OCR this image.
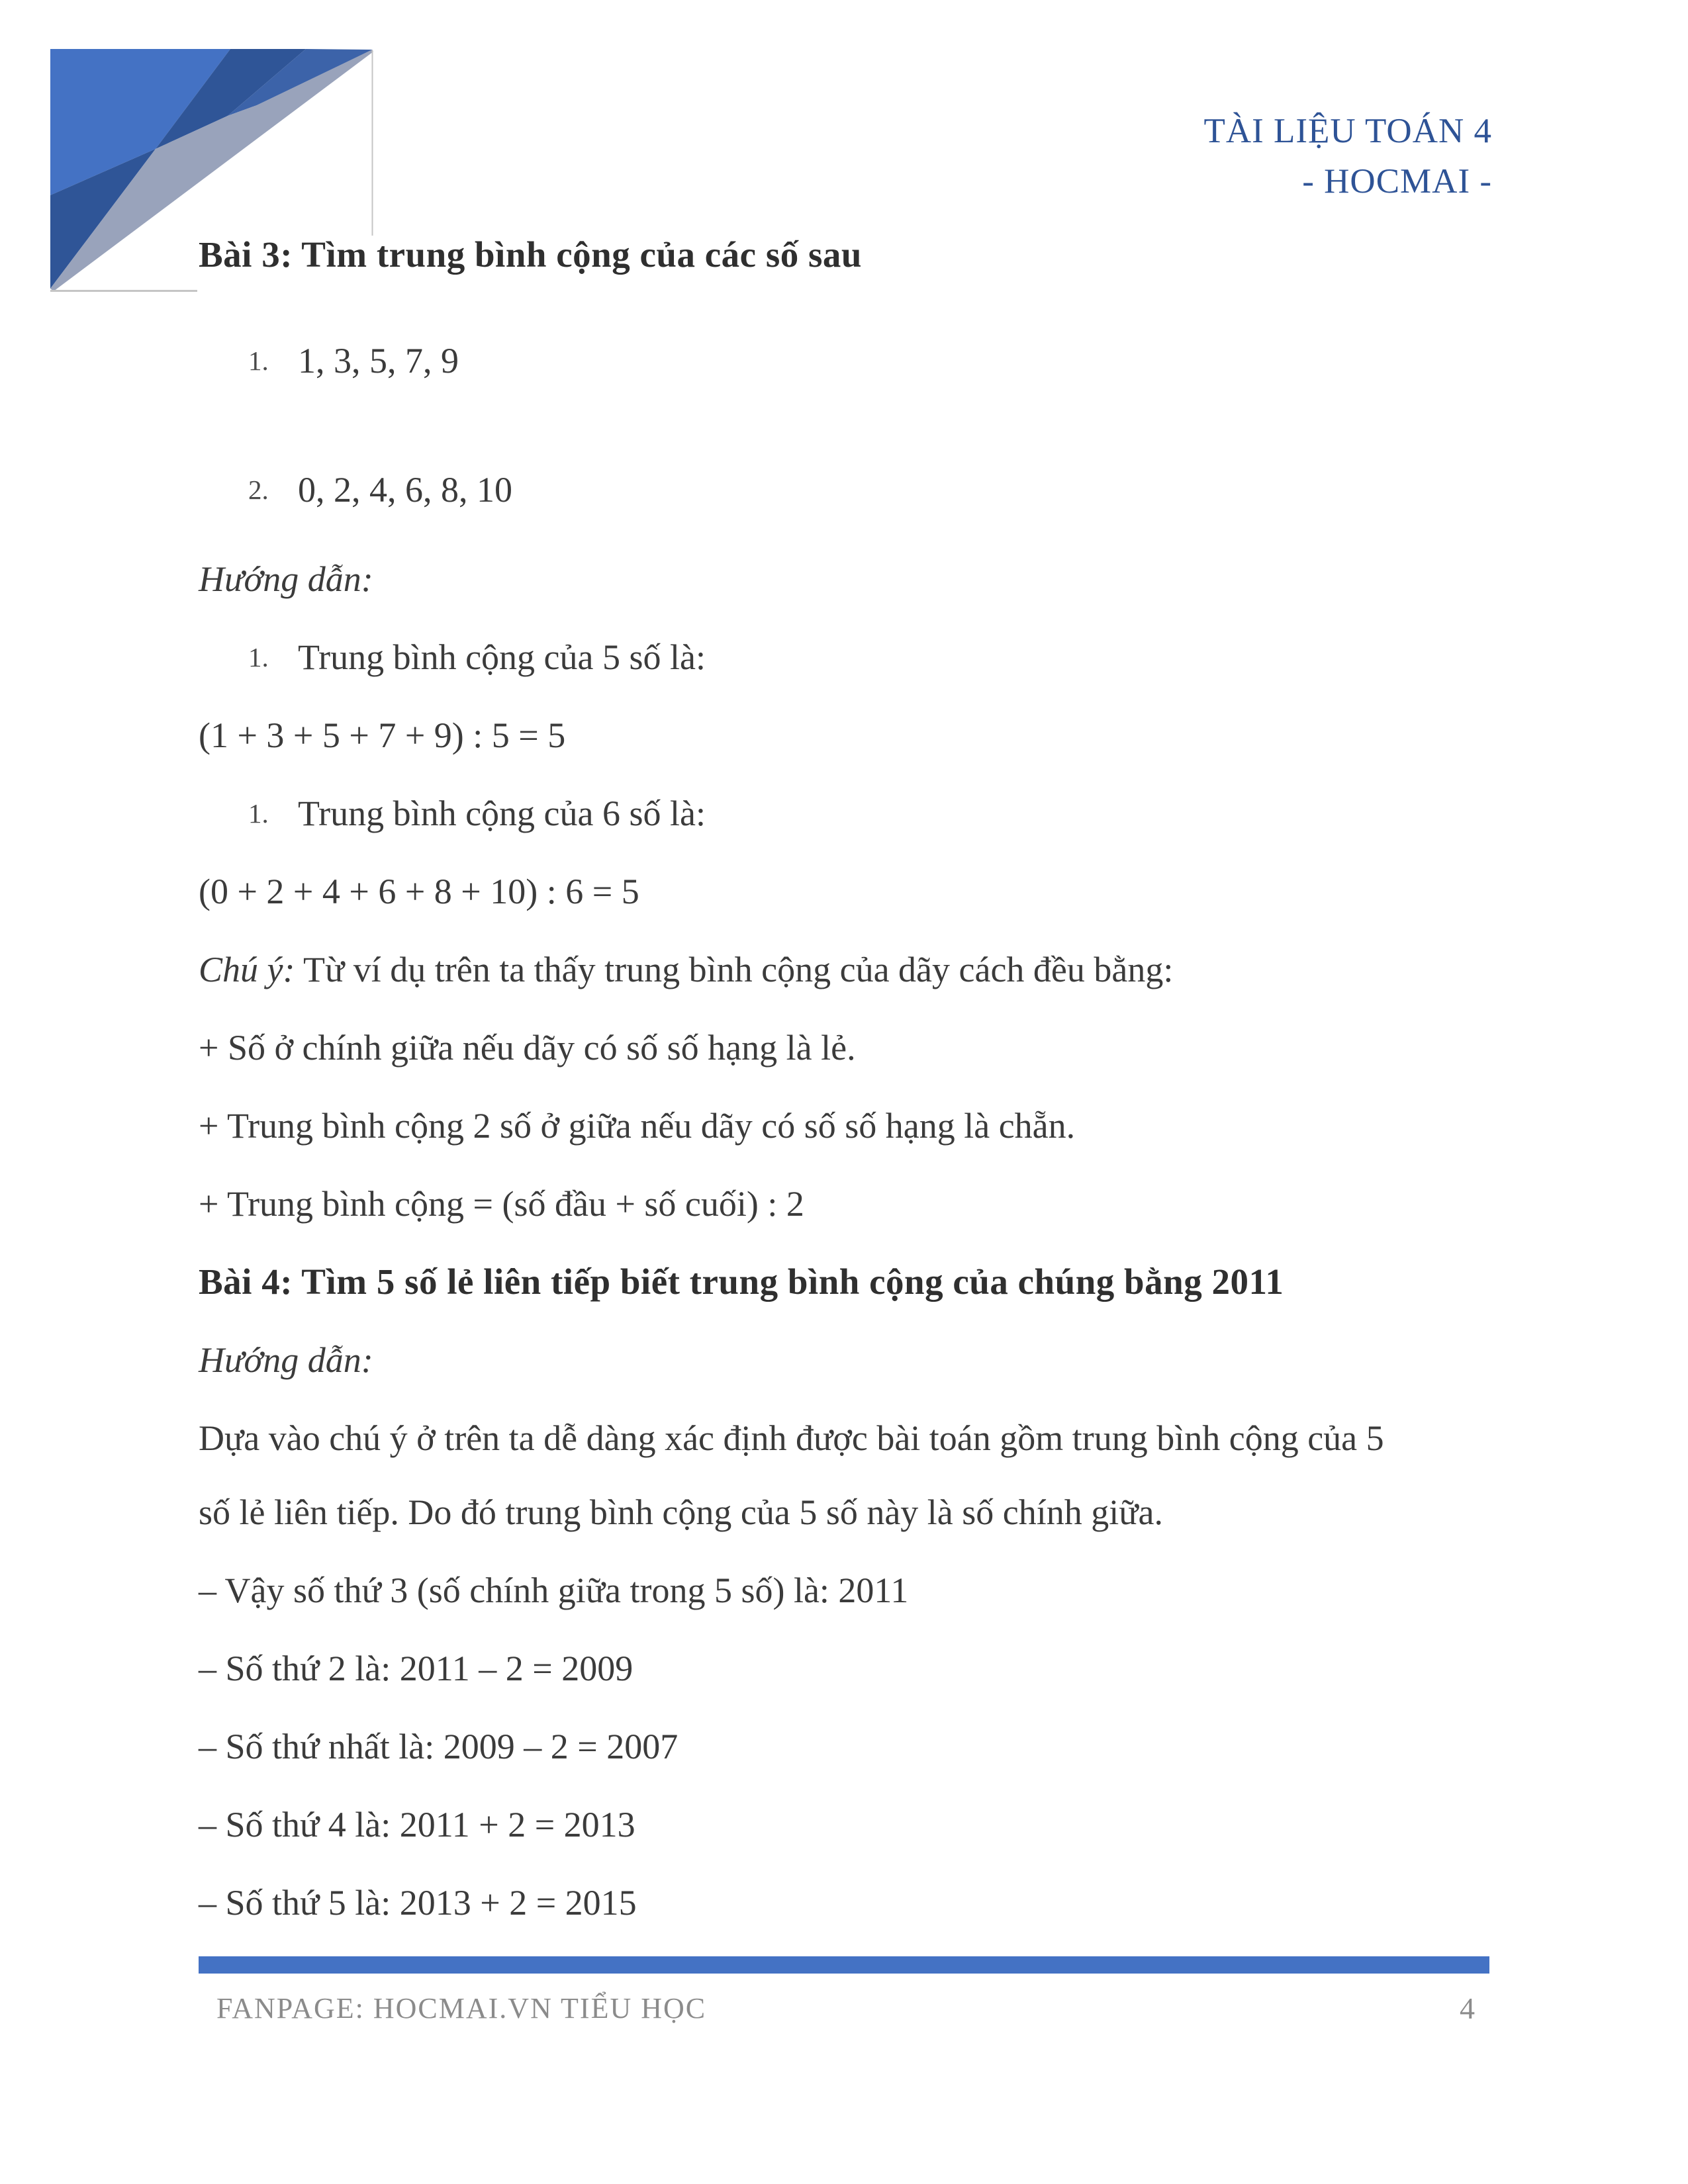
TÀI LIỆU TOÁN 4
- HOCMAI -
Bài 3: Tìm trung bình cộng của các số sau
1. 1, 3, 5, 7, 9
2. 0, 2, 4, 6, 8, 10
Hướng dẫn:
1. Trung bình cộng của 5 số là:
(1 + 3 + 5 + 7 + 9) : 5 = 5
1. Trung bình cộng của 6 số là:
(0 + 2 + 4 + 6 + 8 + 10) : 6 = 5
Chú ý: Từ ví dụ trên ta thấy trung bình cộng của dãy cách đều bằng:
+ Số ở chính giữa nếu dãy có số số hạng là lẻ.
+ Trung bình cộng 2 số ở giữa nếu dãy có số số hạng là chẵn.
+ Trung bình cộng = (số đầu + số cuối) : 2
Bài 4: Tìm 5 số lẻ liên tiếp biết trung bình cộng của chúng bằng 2011
Hướng dẫn:
Dựa vào chú ý ở trên ta dễ dàng xác định được bài toán gồm trung bình cộng của 5
số lẻ liên tiếp. Do đó trung bình cộng của 5 số này là số chính giữa.
– Vậy số thứ 3 (số chính giữa trong 5 số) là: 2011
– Số thứ 2 là: 2011 – 2 = 2009
– Số thứ nhất là: 2009 – 2 = 2007
– Số thứ 4 là: 2011 + 2 = 2013
– Số thứ 5 là: 2013 + 2 = 2015
FANPAGE: HOCMAI.VN TIỂU HỌC	4
